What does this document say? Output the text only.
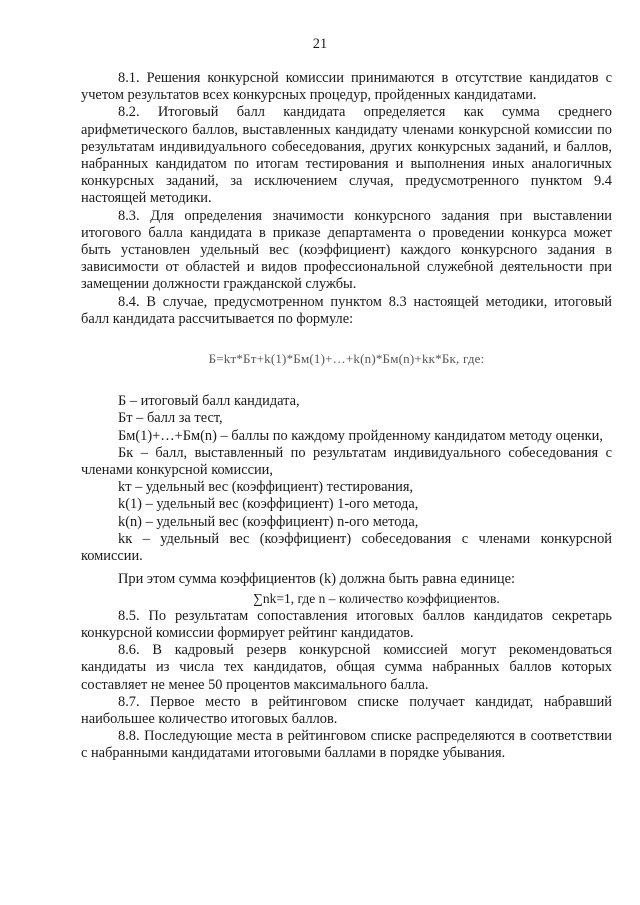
21

8.1. Решения конкурсной комиссии принимаются в отсутствие кандидатов с учетом результатов всех конкурсных процедур, пройденных кандидатами.

8.2. Итоговый балл кандидата определяется как сумма среднего арифметического баллов, выставленных кандидату членами конкурсной комиссии по результатам индивидуального собеседования, других конкурсных заданий, и баллов, набранных кандидатом по итогам тестирования и выполнения иных аналогичных конкурсных заданий, за исключением случая, предусмотренного пунктом 9.4 настоящей методики.

8.3. Для определения значимости конкурсного задания при выставлении итогового балла кандидата в приказе департамента о проведении конкурса может быть установлен удельный вес (коэффициент) каждого конкурсного задания в зависимости от областей и видов профессиональной служебной деятельности при замещении должности гражданской службы.

8.4. В случае, предусмотренном пунктом 8.3 настоящей методики, итоговый балл кандидата рассчитывается по формуле:

Б=kт*Бт+k(1)*Бм(1)+…+k(n)*Бм(n)+kк*Бк, где:

Б – итоговый балл кандидата,

Бт – балл за тест,

Бм(1)+…+Бм(n) – баллы по каждому пройденному кандидатом методу оценки,

Бк – балл, выставленный по результатам индивидуального собеседования с членами конкурсной комиссии,

kт – удельный вес (коэффициент) тестирования,

k(1) – удельный вес (коэффициент) 1-ого метода,

k(n) – удельный вес (коэффициент) n-ого метода,

kк – удельный вес (коэффициент) собеседования с членами конкурсной комиссии.

При этом сумма коэффициентов (k) должна быть равна единице:

∑nk=1, где n – количество коэффициентов.

8.5. По результатам сопоставления итоговых баллов кандидатов секретарь конкурсной комиссии формирует рейтинг кандидатов.

8.6. В кадровый резерв конкурсной комиссией могут рекомендоваться кандидаты из числа тех кандидатов, общая сумма набранных баллов которых составляет не менее 50 процентов максимального балла.

8.7. Первое место в рейтинговом списке получает кандидат, набравший наибольшее количество итоговых баллов.

8.8. Последующие места в рейтинговом списке распределяются в соответствии с набранными кандидатами итоговыми баллами в порядке убывания.
